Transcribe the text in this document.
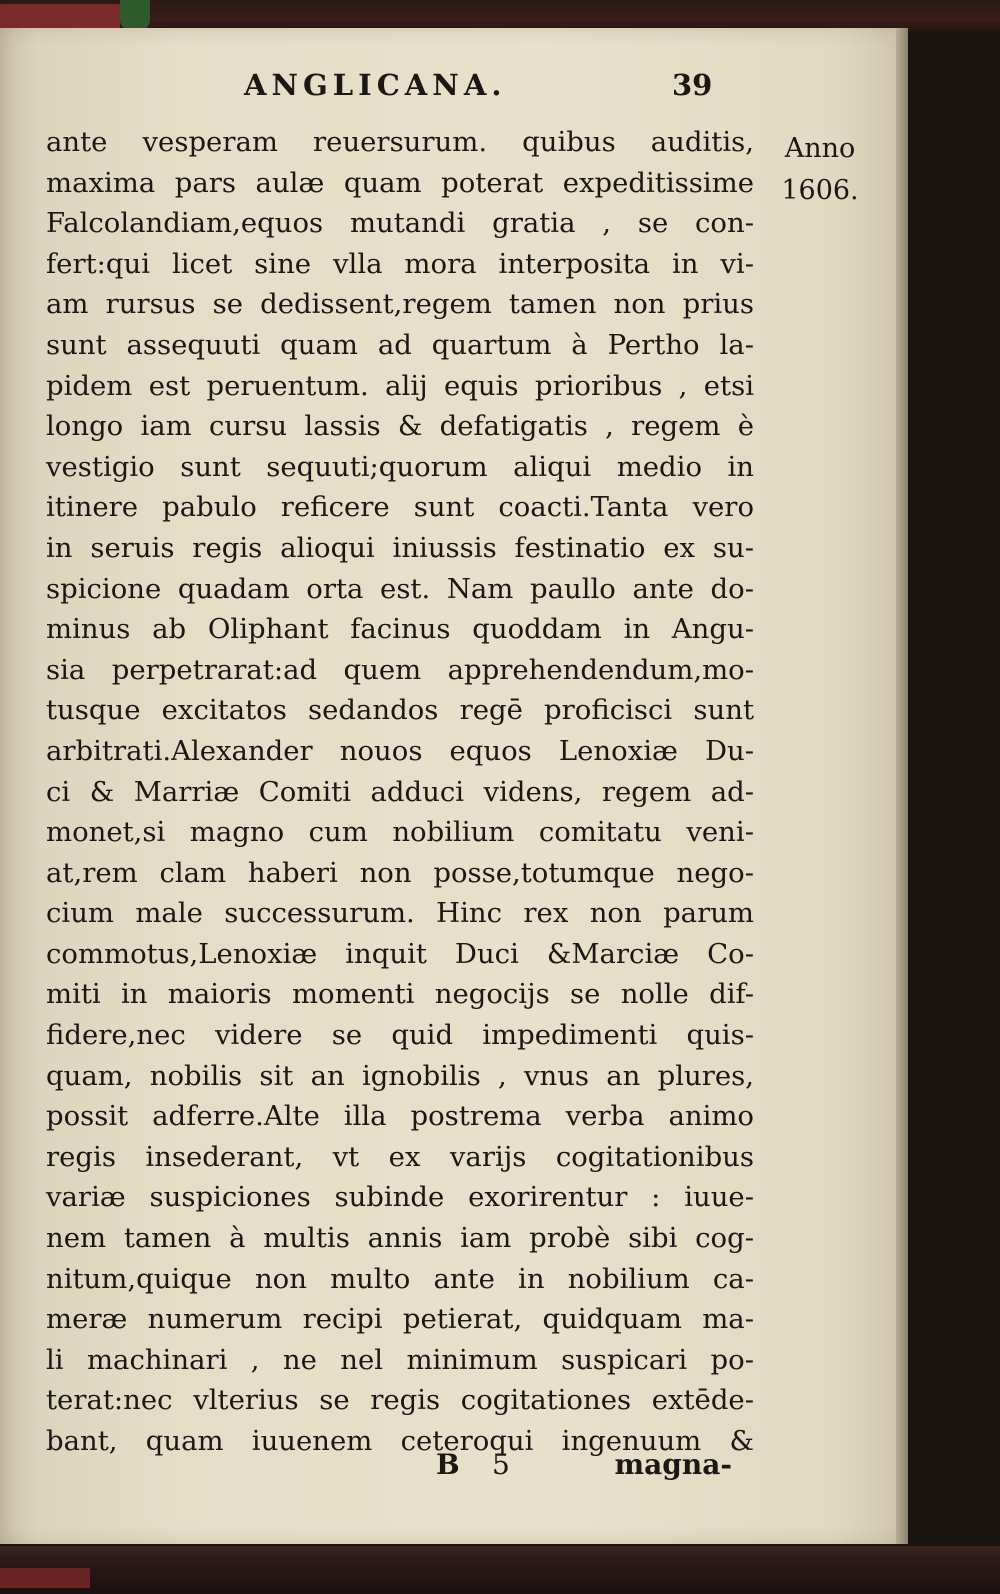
ANGLICANA.	39
Anno
1606.
ante vesperam reuersurum. quibus auditis,
maxima pars aulæ quam poterat expeditissime
Falcolandiam,equos mutandi gratia , se con-
fert:qui licet sine vlla mora interposita in vi-
am rursus se dedissent,regem tamen non prius
sunt assequuti quam ad quartum à Pertho la-
pidem est peruentum. alij equis prioribus , etsi
longo iam cursu lassis & defatigatis , regem è
vestigio sunt sequuti;quorum aliqui medio in
itinere pabulo reficere sunt coacti.Tanta vero
in seruis regis alioqui iniussis festinatio ex su-
spicione quadam orta est. Nam paullo ante do-
minus ab Oliphant facinus quoddam in Angu-
sia perpetrarat:ad quem apprehendendum,mo-
tusque excitatos sedandos regē proficisci sunt
arbitrati.Alexander nouos equos Lenoxiæ Du-
ci & Marriæ Comiti adduci videns, regem ad-
monet,si magno cum nobilium comitatu veni-
at,rem clam haberi non posse,totumque nego-
cium male successurum. Hinc rex non parum
commotus,Lenoxiæ inquit Duci &Marciæ Co-
miti in maioris momenti negocijs se nolle dif-
fidere,nec videre se quid impedimenti quis-
quam, nobilis sit an ignobilis , vnus an plures,
possit adferre.Alte illa postrema verba animo
regis insederant, vt ex varijs cogitationibus
variæ suspiciones subinde exorirentur : iuue-
nem tamen à multis annis iam probè sibi cog-
nitum,quique non multo ante in nobilium ca-
meræ numerum recipi petierat, quidquam ma-
li machinari , ne nel minimum suspicari po-
terat:nec vlterius se regis cogitationes extēde-
bant, quam iuuenem ceteroqui ingenuum &
B 5	magna-
